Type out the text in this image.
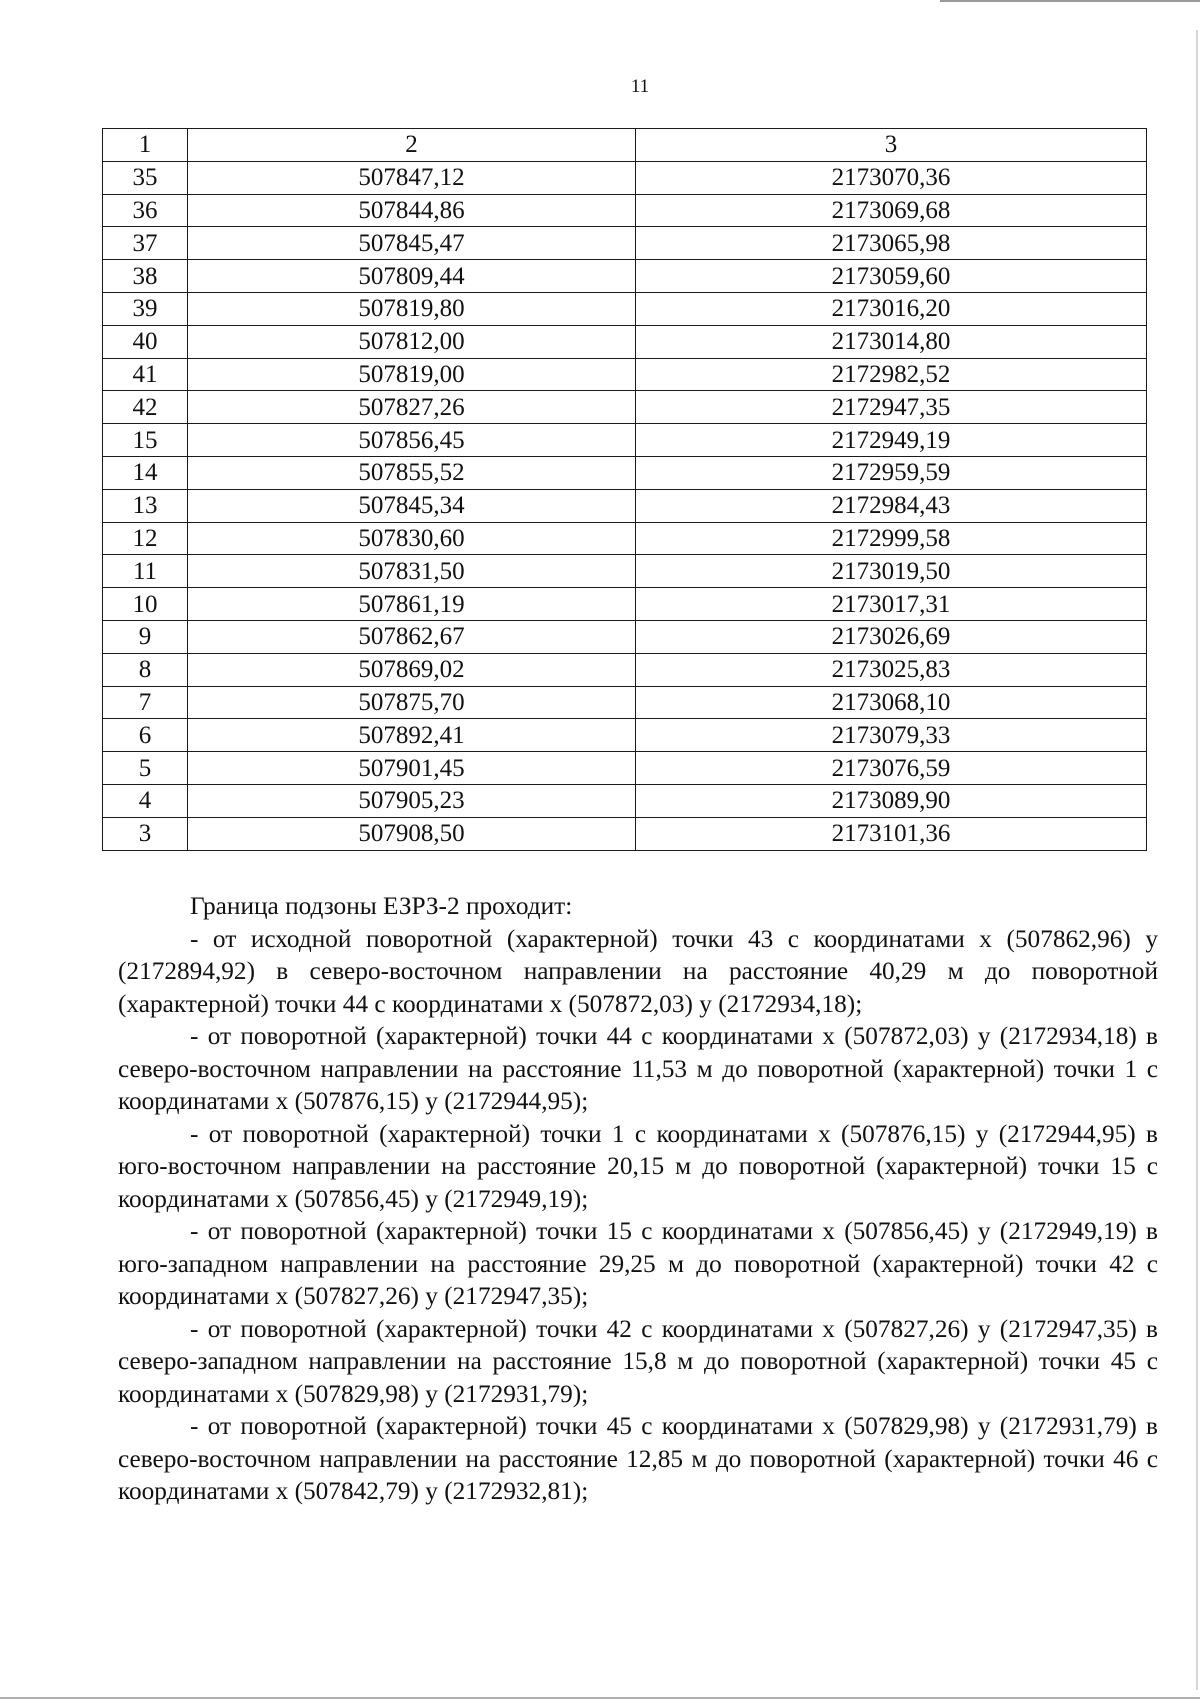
11
1	2	3
35	507847,12	2173070,36
36	507844,86	2173069,68
37	507845,47	2173065,98
38	507809,44	2173059,60
39	507819,80	2173016,20
40	507812,00	2173014,80
41	507819,00	2172982,52
42	507827,26	2172947,35
15	507856,45	2172949,19
14	507855,52	2172959,59
13	507845,34	2172984,43
12	507830,60	2172999,58
11	507831,50	2173019,50
10	507861,19	2173017,31
9	507862,67	2173026,69
8	507869,02	2173025,83
7	507875,70	2173068,10
6	507892,41	2173079,33
5	507901,45	2173076,59
4	507905,23	2173089,90
3	507908,50	2173101,36

Граница подзоны ЕЗРЗ-2 проходит:

- от исходной поворотной (характерной) точки 43 с координатами х (507862,96) у (2172894,92) в северо-восточном направлении на расстояние 40,29 м до поворотной (характерной) точки 44 с координатами х (507872,03) у (2172934,18);

- от поворотной (характерной) точки 44 с координатами х (507872,03) у (2172934,18) в северо-восточном направлении на расстояние 11,53 м до поворотной (характерной) точки 1 с координатами х (507876,15) у (2172944,95);

- от поворотной (характерной) точки 1 с координатами х (507876,15) у (2172944,95) в юго-восточном направлении на расстояние 20,15 м до поворотной (характерной) точки 15 с координатами х (507856,45) у (2172949,19);

- от поворотной (характерной) точки 15 с координатами х (507856,45) у (2172949,19) в юго-западном направлении на расстояние 29,25 м до поворотной (характерной) точки 42 с координатами х (507827,26) у (2172947,35);

- от поворотной (характерной) точки 42 с координатами х (507827,26) у (2172947,35) в северо-западном направлении на расстояние 15,8 м до поворотной (характерной) точки 45 с координатами х (507829,98) у (2172931,79);

- от поворотной (характерной) точки 45 с координатами х (507829,98) у (2172931,79) в северо-восточном направлении на расстояние 12,85 м до поворотной (характерной) точки 46 с координатами х (507842,79) у (2172932,81);
